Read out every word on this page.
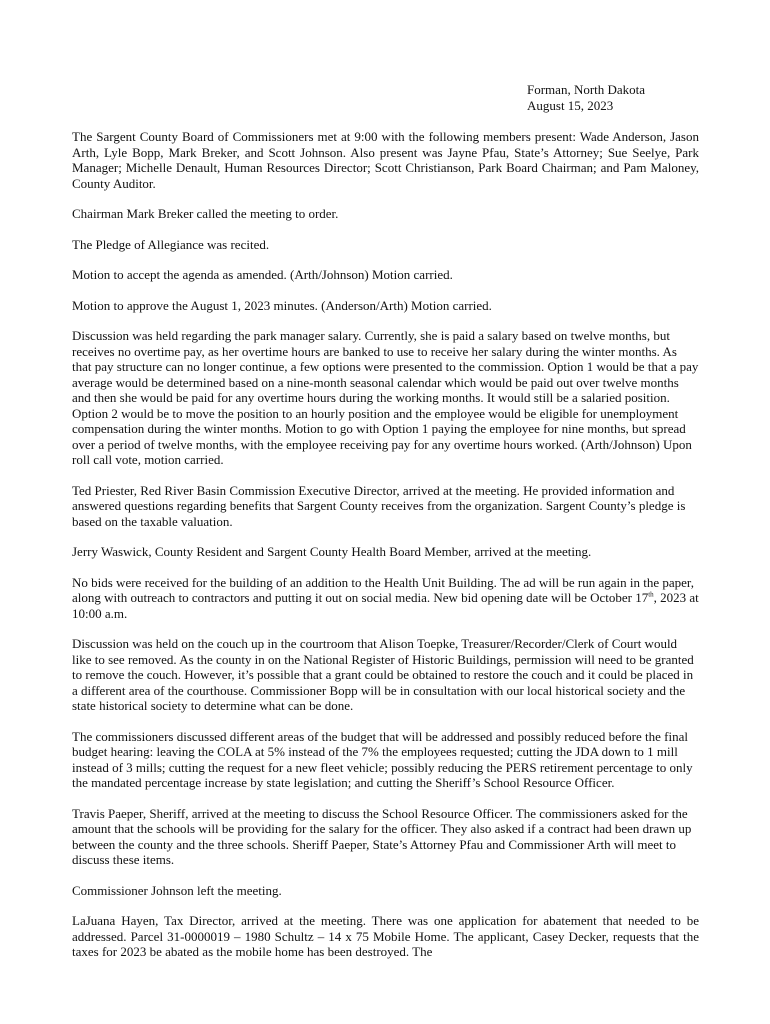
Forman, North Dakota
August 15, 2023

The Sargent County Board of Commissioners met at 9:00 with the following members present: Wade Anderson, Jason Arth, Lyle Bopp, Mark Breker, and Scott Johnson. Also present was Jayne Pfau, State’s Attorney; Sue Seelye, Park Manager; Michelle Denault, Human Resources Director; Scott Christianson, Park Board Chairman; and Pam Maloney, County Auditor.

Chairman Mark Breker called the meeting to order.

The Pledge of Allegiance was recited.

Motion to accept the agenda as amended. (Arth/Johnson) Motion carried.

Motion to approve the August 1, 2023 minutes. (Anderson/Arth) Motion carried.

Discussion was held regarding the park manager salary. Currently, she is paid a salary based on twelve months, but receives no overtime pay, as her overtime hours are banked to use to receive her salary during the winter months. As that pay structure can no longer continue, a few options were presented to the commission. Option 1 would be that a pay average would be determined based on a nine-month seasonal calendar which would be paid out over twelve months and then she would be paid for any overtime hours during the working months. It would still be a salaried position. Option 2 would be to move the position to an hourly position and the employee would be eligible for unemployment compensation during the winter months. Motion to go with Option 1 paying the employee for nine months, but spread over a period of twelve months, with the employee receiving pay for any overtime hours worked. (Arth/Johnson) Upon roll call vote, motion carried.

Ted Priester, Red River Basin Commission Executive Director, arrived at the meeting. He provided information and answered questions regarding benefits that Sargent County receives from the organization. Sargent County’s pledge is based on the taxable valuation.

Jerry Waswick, County Resident and Sargent County Health Board Member, arrived at the meeting.

No bids were received for the building of an addition to the Health Unit Building. The ad will be run again in the paper, along with outreach to contractors and putting it out on social media. New bid opening date will be October 17th, 2023 at 10:00 a.m.

Discussion was held on the couch up in the courtroom that Alison Toepke, Treasurer/Recorder/Clerk of Court would like to see removed. As the county in on the National Register of Historic Buildings, permission will need to be granted to remove the couch. However, it’s possible that a grant could be obtained to restore the couch and it could be placed in a different area of the courthouse. Commissioner Bopp will be in consultation with our local historical society and the state historical society to determine what can be done.

The commissioners discussed different areas of the budget that will be addressed and possibly reduced before the final budget hearing: leaving the COLA at 5% instead of the 7% the employees requested; cutting the JDA down to 1 mill instead of 3 mills; cutting the request for a new fleet vehicle; possibly reducing the PERS retirement percentage to only the mandated percentage increase by state legislation; and cutting the Sheriff’s School Resource Officer.

Travis Paeper, Sheriff, arrived at the meeting to discuss the School Resource Officer. The commissioners asked for the amount that the schools will be providing for the salary for the officer. They also asked if a contract had been drawn up between the county and the three schools. Sheriff Paeper, State’s Attorney Pfau and Commissioner Arth will meet to discuss these items.

Commissioner Johnson left the meeting.

LaJuana Hayen, Tax Director, arrived at the meeting. There was one application for abatement that needed to be addressed. Parcel 31-0000019 – 1980 Schultz – 14 x 75 Mobile Home. The applicant, Casey Decker, requests that the taxes for 2023 be abated as the mobile home has been destroyed. The
